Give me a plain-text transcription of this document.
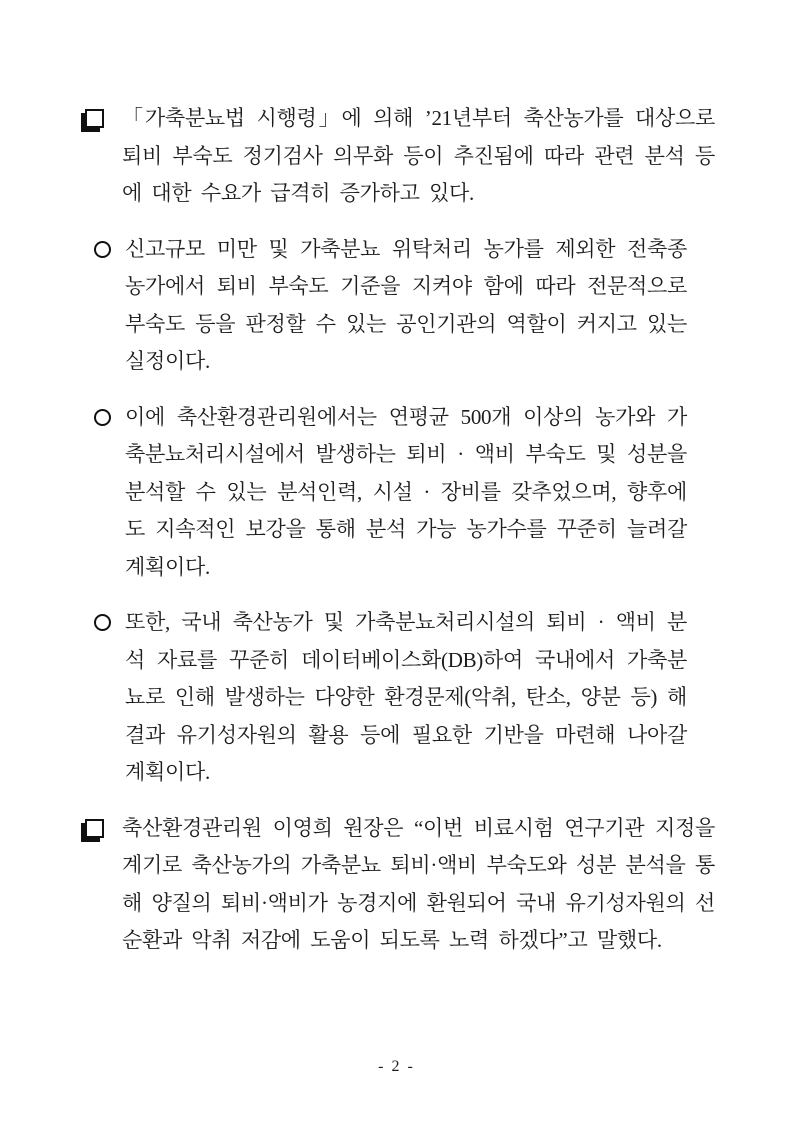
「가축분뇨법 시행령」에 의해 ’21년부터 축산농가를 대상으로 퇴비 부숙도 정기검사 의무화 등이 추진됨에 따라 관련 분석 등에 대한 수요가 급격히 증가하고 있다.
신고규모 미만 및 가축분뇨 위탁처리 농가를 제외한 전축종 농가에서 퇴비 부숙도 기준을 지켜야 함에 따라 전문적으로 부숙도 등을 판정할 수 있는 공인기관의 역할이 커지고 있는 실정이다.
이에 축산환경관리원에서는 연평균 500개 이상의 농가와 가축분뇨처리시설에서 발생하는 퇴비 · 액비 부숙도 및 성분을 분석할 수 있는 분석인력, 시설 · 장비를 갖추었으며, 향후에도 지속적인 보강을 통해 분석 가능 농가수를 꾸준히 늘려갈 계획이다.
또한, 국내 축산농가 및 가축분뇨처리시설의 퇴비 · 액비 분석 자료를 꾸준히 데이터베이스화(DB)하여 국내에서 가축분뇨로 인해 발생하는 다양한 환경문제(악취, 탄소, 양분 등) 해결과 유기성자원의 활용 등에 필요한 기반을 마련해 나아갈 계획이다.
축산환경관리원 이영희 원장은 “이번 비료시험 연구기관 지정을 계기로 축산농가의 가축분뇨 퇴비·액비 부숙도와 성분 분석을 통해 양질의 퇴비·액비가 농경지에 환원되어 국내 유기성자원의 선순환과 악취 저감에 도움이 되도록 노력 하겠다”고 말했다.
- 2 -
